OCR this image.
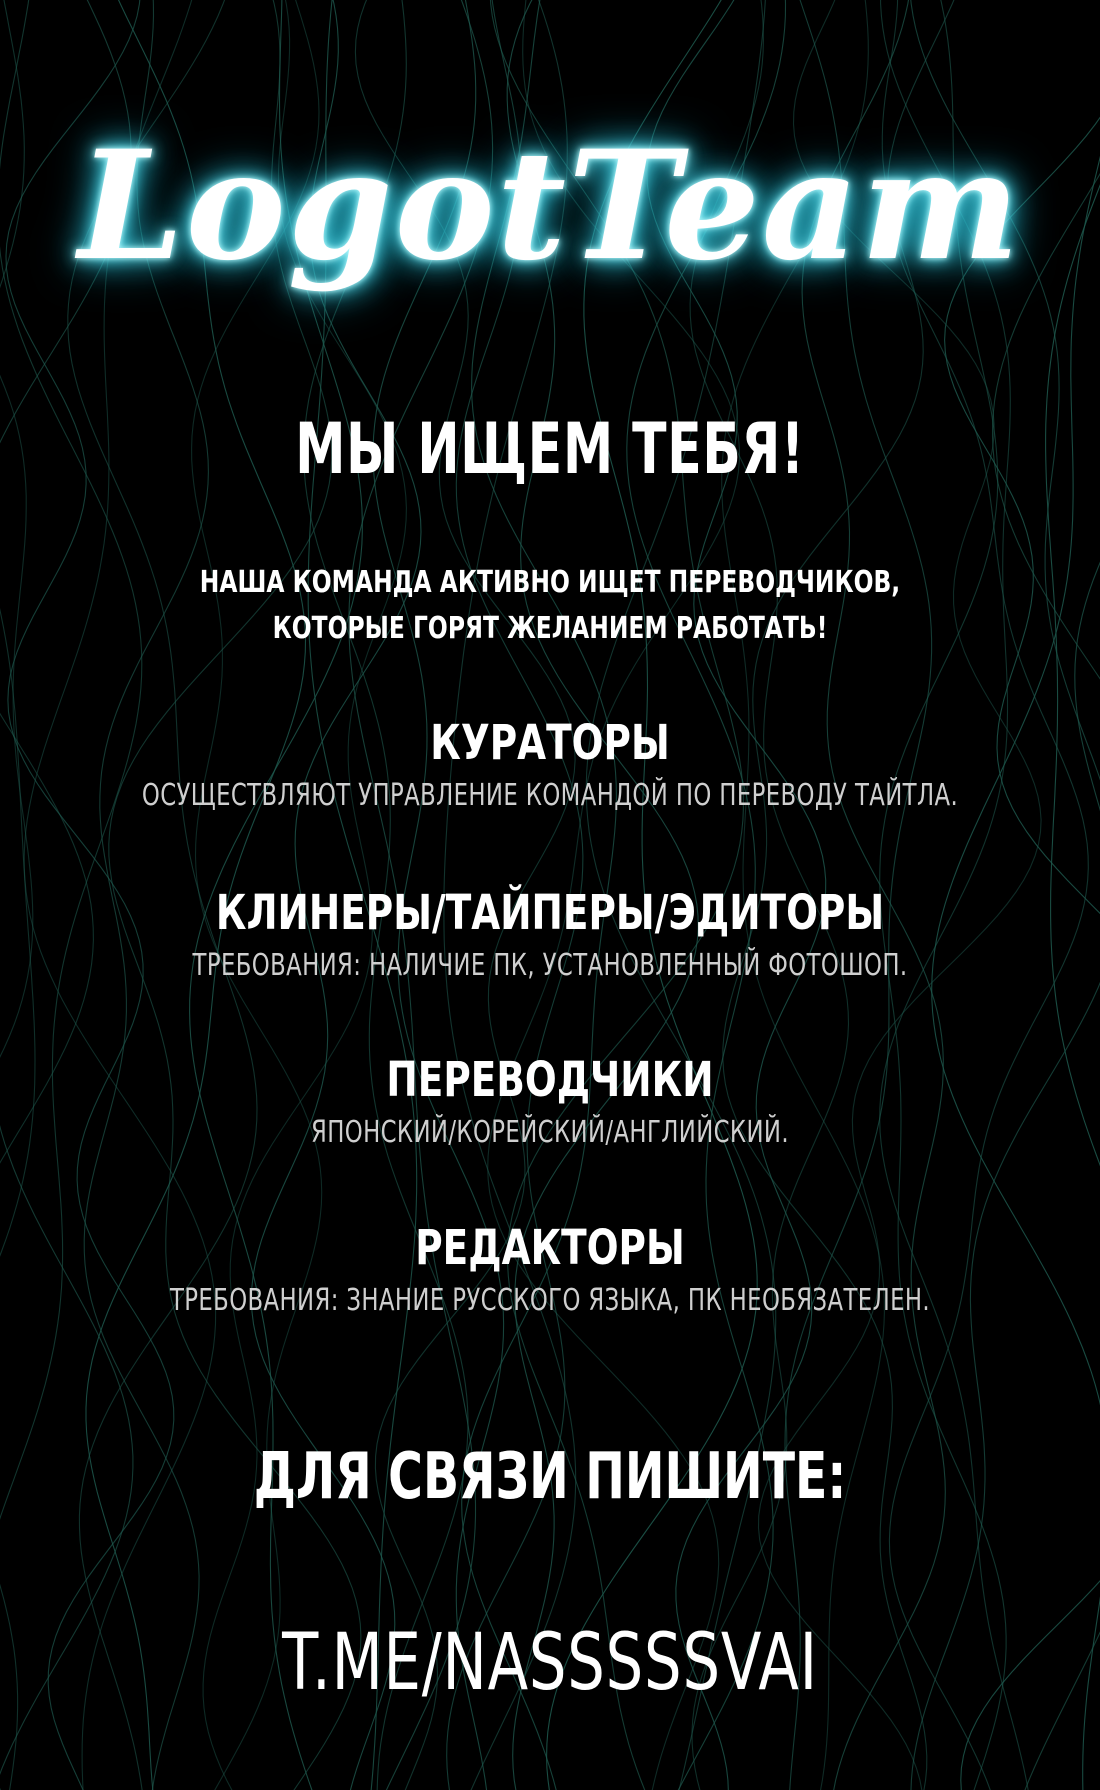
LogotTeam
МЫ ИЩЕМ ТЕБЯ!
НАША КОМАНДА АКТИВНО ИЩЕТ ПЕРЕВОДЧИКОВ,
КОТОРЫЕ ГОРЯТ ЖЕЛАНИЕМ РАБОТАТЬ!
КУРАТОРЫ
ОСУЩЕСТВЛЯЮТ УПРАВЛЕНИЕ КОМАНДОЙ ПО ПЕРЕВОДУ ТАЙТЛА.
КЛИНЕРЫ/ТАЙПЕРЫ/ЭДИТОРЫ
ТРЕБОВАНИЯ: НАЛИЧИЕ ПК, УСТАНОВЛЕННЫЙ ФОТОШОП.
ПЕРЕВОДЧИКИ
ЯПОНСКИЙ/КОРЕЙСКИЙ/АНГЛИЙСКИЙ.
РЕДАКТОРЫ
ТРЕБОВАНИЯ: ЗНАНИЕ РУССКОГО ЯЗЫКА, ПК НЕОБЯЗАТЕЛЕН.
ДЛЯ СВЯЗИ ПИШИТЕ:
T.ME/NASSSSSVAI
